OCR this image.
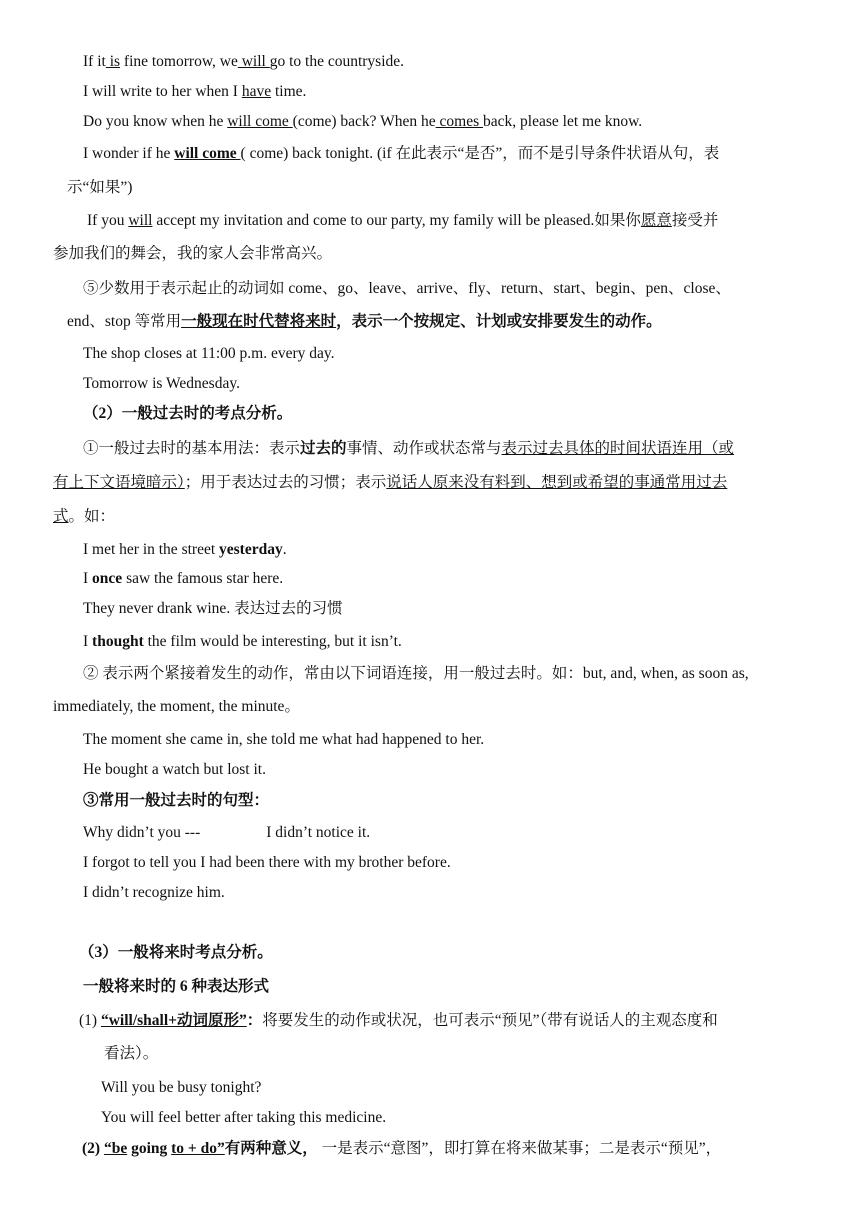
If it is fine tomorrow, we will go to the countryside.
I will write to her when I have time.
Do you know when he will come (come) back? When he comes back, please let me know.
I wonder if he will come ( come) back tonight. (if 在此表示“是否”，而不是引导条件状语从句，表
示“如果”)
If you will accept my invitation and come to our party, my family will be pleased.如果你愿意接受并
参加我们的舞会，我的家人会非常高兴。
⑤少数用于表示起止的动词如 come、go、leave、arrive、fly、return、start、begin、pen、close、
end、stop 等常用一般现在时代替将来时，表示一个按规定、计划或安排要发生的动作。
The shop closes at 11:00 p.m. every day.
Tomorrow is Wednesday.
（2）一般过去时的考点分析。
①一般过去时的基本用法：表示过去的事情、动作或状态常与表示过去具体的时间状语连用（或
有上下文语境暗示）；用于表达过去的习惯；表示说话人原来没有料到、想到或希望的事通常用过去
式。如：
I met her in the street yesterday.
I once saw the famous star here.
They never drank wine. 表达过去的习惯
I thought the film would be interesting, but it isn’t.
② 表示两个紧接着发生的动作，常由以下词语连接，用一般过去时。如：but, and, when, as soon as,
immediately, the moment, the minute。
The moment she came in, she told me what had happened to her.
He bought a watch but lost it.
③常用一般过去时的句型：
Why didn’t you ---	I didn’t notice it.
I forgot to tell you I had been there with my brother before.
I didn’t recognize him.
（3）一般将来时考点分析。
一般将来时的 6 种表达形式
(1) “will/shall+动词原形”：将要发生的动作或状况，也可表示“预见”（带有说话人的主观态度和
看法）。
Will you be busy tonight?
You will feel better after taking this medicine.
(2) “be going to + do”有两种意义， 一是表示“意图”，即打算在将来做某事；二是表示“预见”，
